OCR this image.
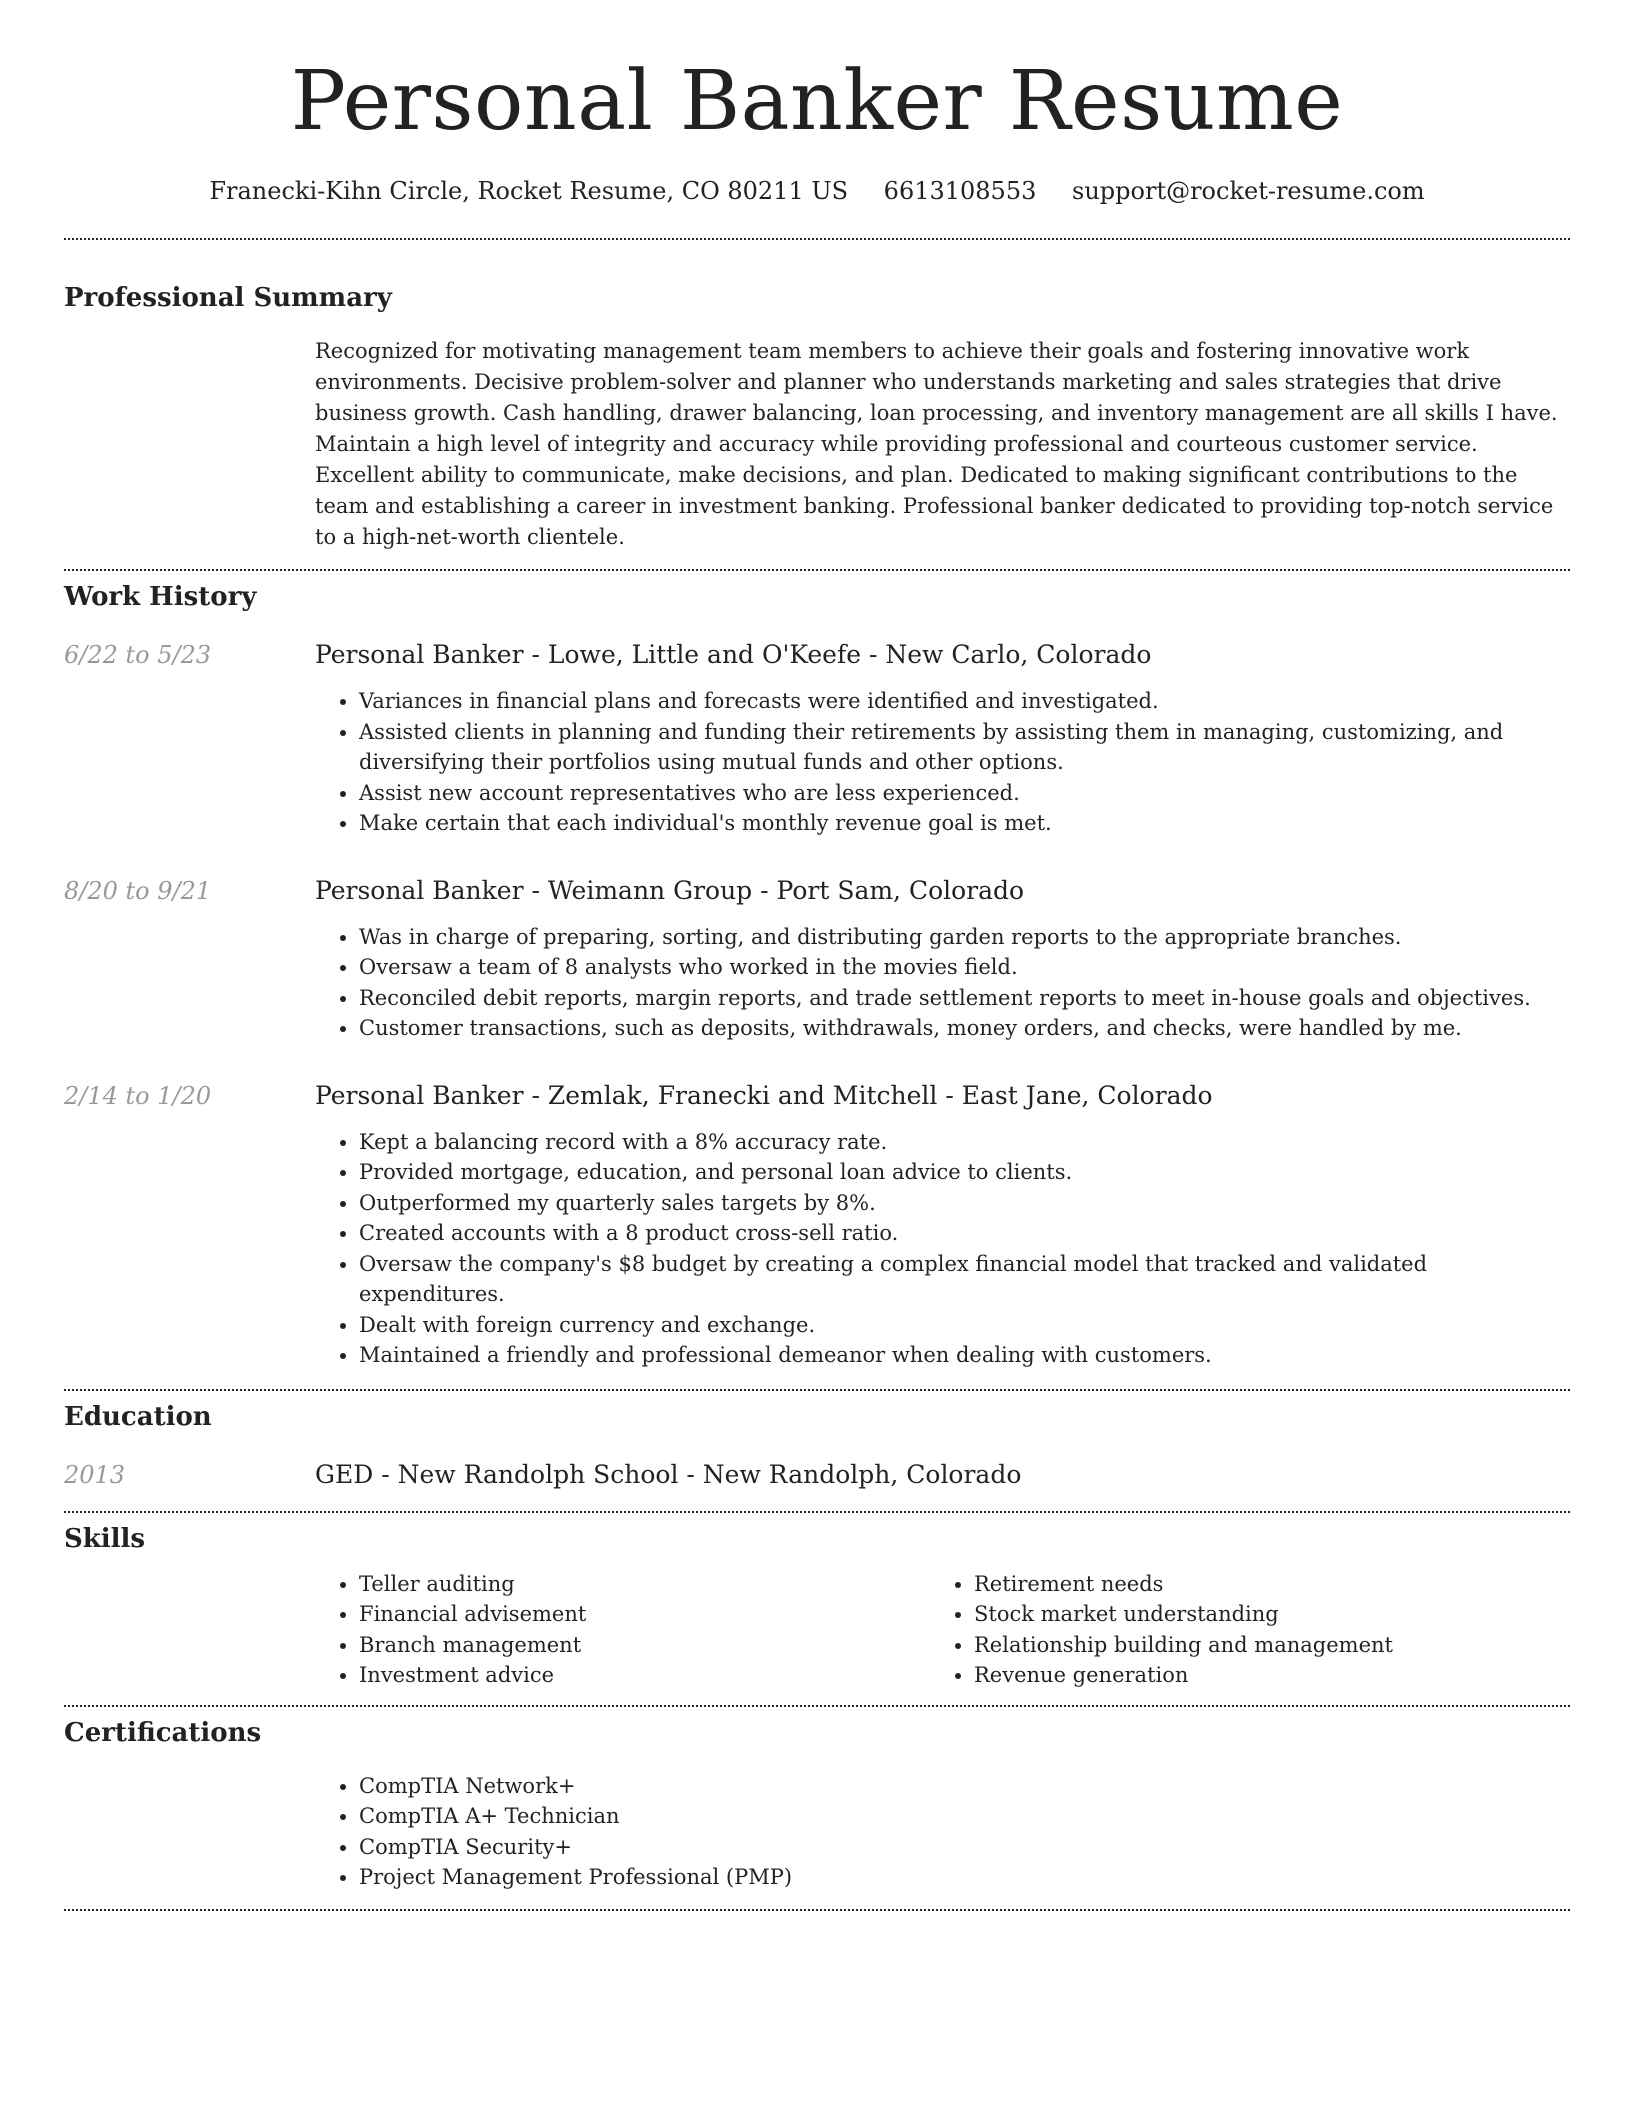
Personal Banker Resume
Franecki-Kihn Circle, Rocket Resume, CO 80211 US 6613108553 support@rocket-resume.com
Professional Summary

Recognized for motivating management team members to achieve their goals and fostering innovative work environments. Decisive problem-solver and planner who understands marketing and sales strategies that drive business growth. Cash handling, drawer balancing, loan processing, and inventory management are all skills I have. Maintain a high level of integrity and accuracy while providing professional and courteous customer service. Excellent ability to communicate, make decisions, and plan. Dedicated to making significant contributions to the team and establishing a career in investment banking. Professional banker dedicated to providing top-notch service to a high-net-worth clientele.

Work History
6/22 to 5/23	Personal Banker - Lowe, Little and O'Keefe - New Carlo, Colorado
• Variances in financial plans and forecasts were identified and investigated.
• Assisted clients in planning and funding their retirements by assisting them in managing, customizing, and diversifying their portfolios using mutual funds and other options.
• Assist new account representatives who are less experienced.
• Make certain that each individual's monthly revenue goal is met.
8/20 to 9/21	Personal Banker - Weimann Group - Port Sam, Colorado
• Was in charge of preparing, sorting, and distributing garden reports to the appropriate branches.
• Oversaw a team of 8 analysts who worked in the movies field.
• Reconciled debit reports, margin reports, and trade settlement reports to meet in-house goals and objectives.
• Customer transactions, such as deposits, withdrawals, money orders, and checks, were handled by me.
2/14 to 1/20	Personal Banker - Zemlak, Franecki and Mitchell - East Jane, Colorado
• Kept a balancing record with a 8% accuracy rate.
• Provided mortgage, education, and personal loan advice to clients.
• Outperformed my quarterly sales targets by 8%.
• Created accounts with a 8 product cross-sell ratio.
• Oversaw the company's $8 budget by creating a complex financial model that tracked and validated expenditures.
• Dealt with foreign currency and exchange.
• Maintained a friendly and professional demeanor when dealing with customers.
Education
2013	GED - New Randolph School - New Randolph, Colorado
Skills
• Teller auditing
• Financial advisement
• Branch management
• Investment advice
• Retirement needs
• Stock market understanding
• Relationship building and management
• Revenue generation
Certifications
• CompTIA Network+
• CompTIA A+ Technician
• CompTIA Security+
• Project Management Professional (PMP)
